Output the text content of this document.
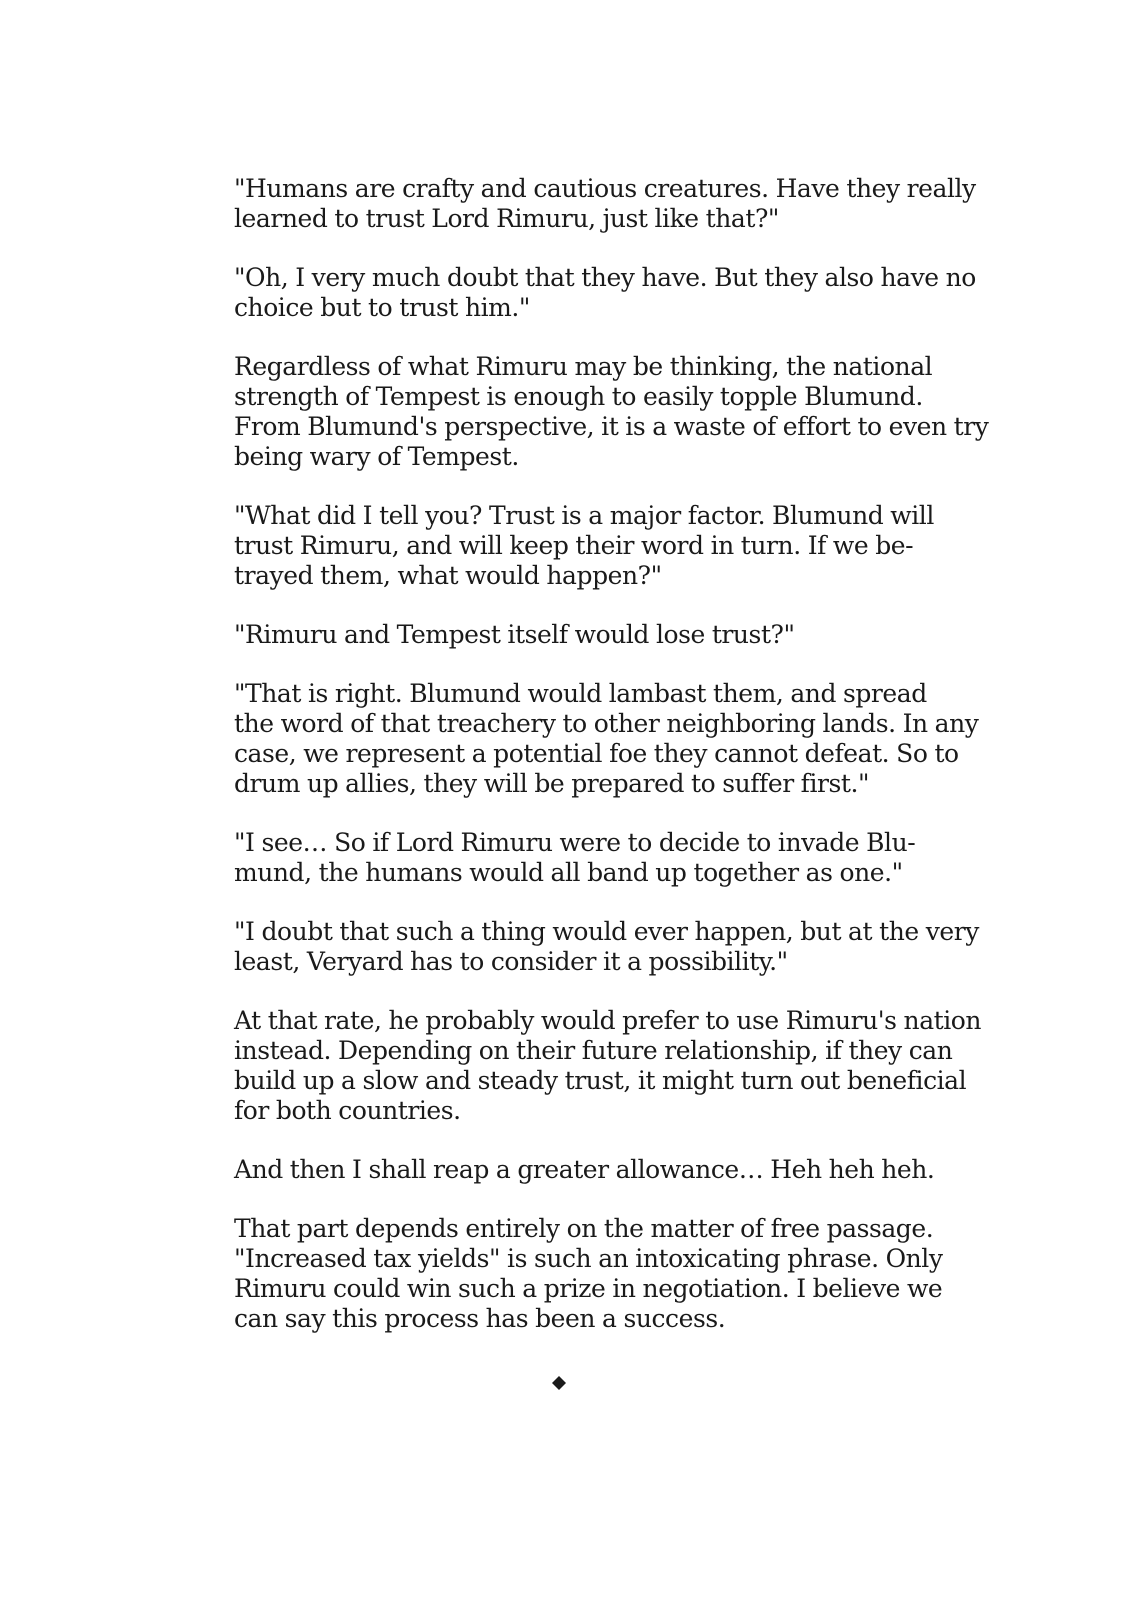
"Humans are crafty and cautious creatures. Have they really
learned to trust Lord Rimuru, just like that?"
"Oh, I very much doubt that they have. But they also have no
choice but to trust him."
Regardless of what Rimuru may be thinking, the national
strength of Tempest is enough to easily topple Blumund.
From Blumund's perspective, it is a waste of effort to even try
being wary of Tempest.
"What did I tell you? Trust is a major factor. Blumund will
trust Rimuru, and will keep their word in turn. If we be-
trayed them, what would happen?"
"Rimuru and Tempest itself would lose trust?"
"That is right. Blumund would lambast them, and spread
the word of that treachery to other neighboring lands. In any
case, we represent a potential foe they cannot defeat. So to
drum up allies, they will be prepared to suffer first."
"I see… So if Lord Rimuru were to decide to invade Blu-
mund, the humans would all band up together as one."
"I doubt that such a thing would ever happen, but at the very
least, Veryard has to consider it a possibility."
At that rate, he probably would prefer to use Rimuru's nation
instead. Depending on their future relationship, if they can
build up a slow and steady trust, it might turn out beneficial
for both countries.
And then I shall reap a greater allowance… Heh heh heh.
That part depends entirely on the matter of free passage.
"Increased tax yields" is such an intoxicating phrase. Only
Rimuru could win such a prize in negotiation. I believe we
can say this process has been a success.
